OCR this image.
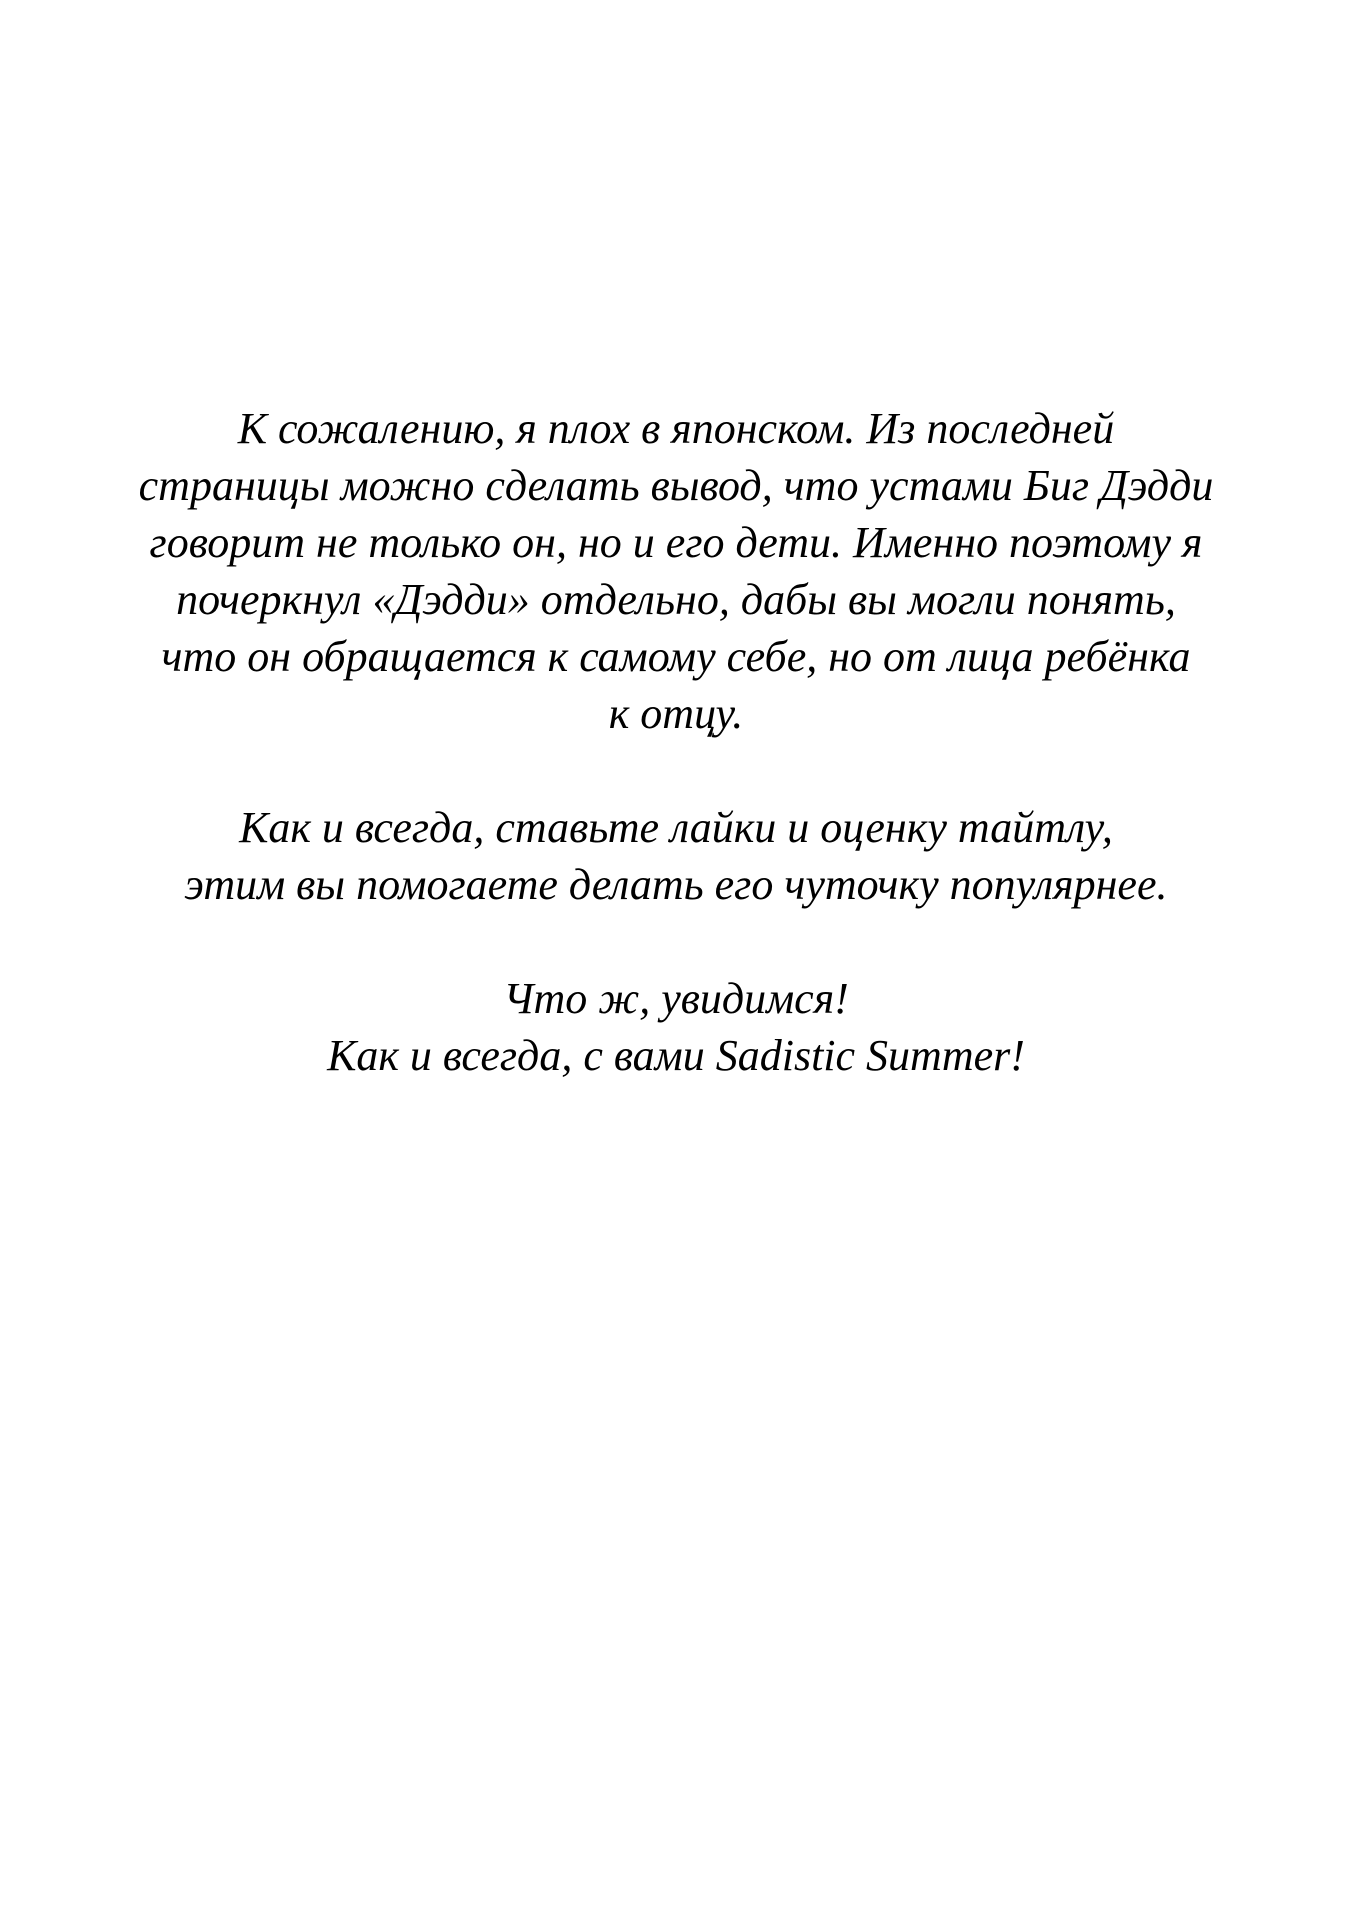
К сожалению, я плох в японском. Из последней
страницы можно сделать вывод, что устами Биг Дэдди
говорит не только он, но и его дети. Именно поэтому я
почеркнул «Дэдди» отдельно, дабы вы могли понять,
что он обращается к самому себе, но от лица ребёнка
к отцу.
Как и всегда, ставьте лайки и оценку тайтлу,
этим вы помогаете делать его чуточку популярнее.
Что ж, увидимся!
Как и всегда, с вами Sadistic Summer!
